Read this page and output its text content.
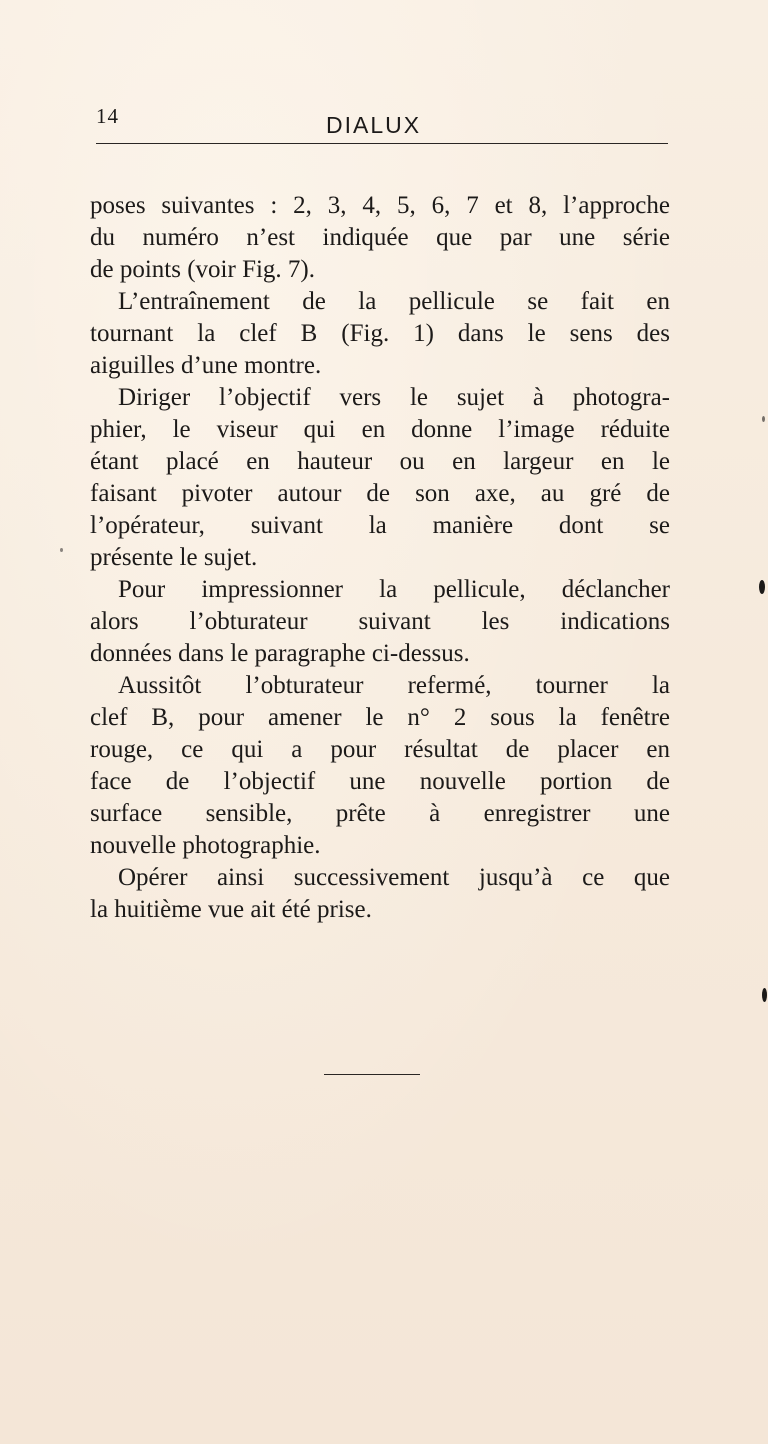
14	DIALUX
poses suivantes : 2, 3, 4, 5, 6, 7 et 8, l’approche
du numéro n’est indiquée que par une série
de points (voir Fig. 7).
L’entraînement de la pellicule se fait en
tournant la clef B (Fig. 1) dans le sens des
aiguilles d’une montre.
Diriger l’objectif vers le sujet à photogra-
phier, le viseur qui en donne l’image réduite
étant placé en hauteur ou en largeur en le
faisant pivoter autour de son axe, au gré de
l’opérateur, suivant la manière dont se
présente le sujet.
Pour impressionner la pellicule, déclancher
alors l’obturateur suivant les indications
données dans le paragraphe ci-dessus.
Aussitôt l’obturateur refermé, tourner la
clef B, pour amener le n° 2 sous la fenêtre
rouge, ce qui a pour résultat de placer en
face de l’objectif une nouvelle portion de
surface sensible, prête à enregistrer une
nouvelle photographie.
Opérer ainsi successivement jusqu’à ce que
la huitième vue ait été prise.
